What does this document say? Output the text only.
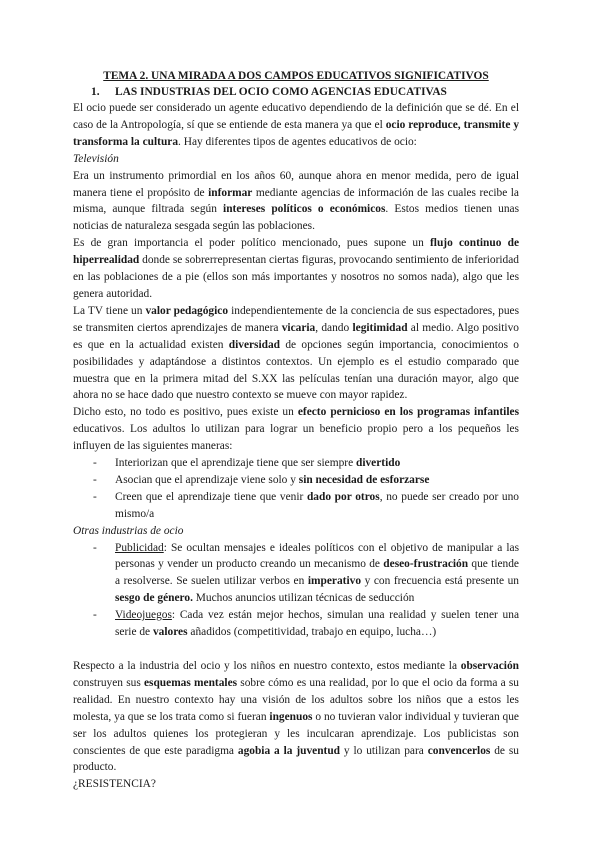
TEMA 2. UNA MIRADA A DOS CAMPOS EDUCATIVOS SIGNIFICATIVOS
1. LAS INDUSTRIAS DEL OCIO COMO AGENCIAS EDUCATIVAS

El ocio puede ser considerado un agente educativo dependiendo de la definición que se dé. En el caso de la Antropología, sí que se entiende de esta manera ya que el ocio reproduce, transmite y transforma la cultura. Hay diferentes tipos de agentes educativos de ocio:

Televisión

Era un instrumento primordial en los años 60, aunque ahora en menor medida, pero de igual manera tiene el propósito de informar mediante agencias de información de las cuales recibe la misma, aunque filtrada según intereses políticos o económicos. Estos medios tienen unas noticias de naturaleza sesgada según las poblaciones.

Es de gran importancia el poder político mencionado, pues supone un flujo continuo de hiperrealidad donde se sobrerrepresentan ciertas figuras, provocando sentimiento de inferioridad en las poblaciones de a pie (ellos son más importantes y nosotros no somos nada), algo que les genera autoridad.

La TV tiene un valor pedagógico independientemente de la conciencia de sus espectadores, pues se transmiten ciertos aprendizajes de manera vicaria, dando legitimidad al medio. Algo positivo es que en la actualidad existen diversidad de opciones según importancia, conocimientos o posibilidades y adaptándose a distintos contextos. Un ejemplo es el estudio comparado que muestra que en la primera mitad del S.XX las películas tenían una duración mayor, algo que ahora no se hace dado que nuestro contexto se mueve con mayor rapidez.

Dicho esto, no todo es positivo, pues existe un efecto pernicioso en los programas infantiles educativos. Los adultos lo utilizan para lograr un beneficio propio pero a los pequeños les influyen de las siguientes maneras:

- Interiorizan que el aprendizaje tiene que ser siempre divertido
- Asocian que el aprendizaje viene solo y sin necesidad de esforzarse
- Creen que el aprendizaje tiene que venir dado por otros, no puede ser creado por uno mismo/a

Otras industrias de ocio

- Publicidad: Se ocultan mensajes e ideales políticos con el objetivo de manipular a las personas y vender un producto creando un mecanismo de deseo-frustración que tiende a resolverse. Se suelen utilizar verbos en imperativo y con frecuencia está presente un sesgo de género. Muchos anuncios utilizan técnicas de seducción
- Videojuegos: Cada vez están mejor hechos, simulan una realidad y suelen tener una serie de valores añadidos (competitividad, trabajo en equipo, lucha…)

Respecto a la industria del ocio y los niños en nuestro contexto, estos mediante la observación construyen sus esquemas mentales sobre cómo es una realidad, por lo que el ocio da forma a su realidad. En nuestro contexto hay una visión de los adultos sobre los niños que a estos les molesta, ya que se los trata como si fueran ingenuos o no tuvieran valor individual y tuvieran que ser los adultos quienes los protegieran y les inculcaran aprendizaje. Los publicistas son conscientes de que este paradigma agobia a la juventud y lo utilizan para convencerlos de su producto.

¿RESISTENCIA?
